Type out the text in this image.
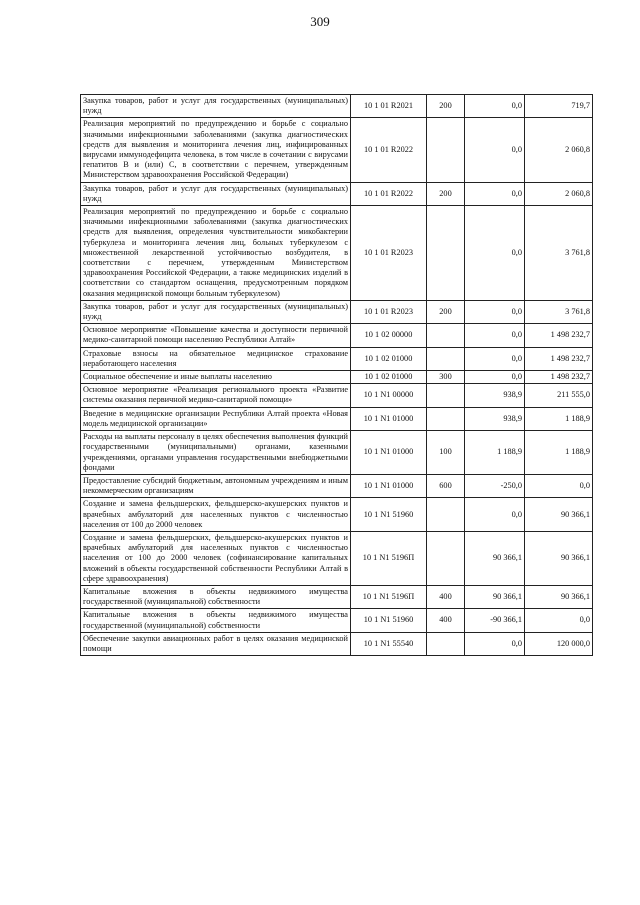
309
Закупка товаров, работ и услуг для государственных (муниципальных) нужд	10 1 01 R2021	200	0,0	719,7
Реализация мероприятий по предупреждению и борьбе с социально значимыми инфекционными заболеваниями (закупка диагностических средств для выявления и мониторинга лечения лиц, инфицированных вирусами иммунодефицита человека, в том числе в сочетании с вирусами гепатитов B и (или) C, в соответствии с перечнем, утвержденным Министерством здравоохранения Российской Федерации)	10 1 01 R2022		0,0	2 060,8
Закупка товаров, работ и услуг для государственных (муниципальных) нужд	10 1 01 R2022	200	0,0	2 060,8
Реализация мероприятий по предупреждению и борьбе с социально значимыми инфекционными заболеваниями (закупка диагностических средств для выявления, определения чувствительности микобактерии туберкулеза и мониторинга лечения лиц, больных туберкулезом с множественной лекарственной устойчивостью возбудителя, в соответствии с перечнем, утвержденным Министерством здравоохранения Российской Федерации, а также медицинских изделий в соответствии со стандартом оснащения, предусмотренным порядком оказания медицинской помощи больным туберкулезом)	10 1 01 R2023		0,0	3 761,8
Закупка товаров, работ и услуг для государственных (муниципальных) нужд	10 1 01 R2023	200	0,0	3 761,8
Основное мероприятие «Повышение качества и доступности первичной медико-санитарной помощи населению Республики Алтай»	10 1 02 00000		0,0	1 498 232,7
Страховые взносы на обязательное медицинское страхование неработающего населения	10 1 02 01000		0,0	1 498 232,7
Социальное обеспечение и иные выплаты населению	10 1 02 01000	300	0,0	1 498 232,7
Основное мероприятие «Реализация регионального проекта «Развитие системы оказания первичной медико-санитарной помощи»	10 1 N1 00000		938,9	211 555,0
Введение в медицинские организации Республики Алтай проекта «Новая модель медицинской организации»	10 1 N1 01000		938,9	1 188,9
Расходы на выплаты персоналу в целях обеспечения выполнения функций государственными (муниципальными) органами, казенными учреждениями, органами управления государственными внебюджетными фондами	10 1 N1 01000	100	1 188,9	1 188,9
Предоставление субсидий бюджетным, автономным учреждениям и иным некоммерческим организациям	10 1 N1 01000	600	-250,0	0,0
Создание и замена фельдшерских, фельдшерско-акушерских пунктов и врачебных амбулаторий для населенных пунктов с численностью населения от 100 до 2000 человек	10 1 N1 51960		0,0	90 366,1
Создание и замена фельдшерских, фельдшерско-акушерских пунктов и врачебных амбулаторий для населенных пунктов с численностью населения от 100 до 2000 человек (софинансирование капитальных вложений в объекты государственной собственности Республики Алтай в сфере здравоохранения)	10 1 N1 5196П		90 366,1	90 366,1
Капитальные вложения в объекты недвижимого имущества государственной (муниципальной) собственности	10 1 N1 5196П	400	90 366,1	90 366,1
Капитальные вложения в объекты недвижимого имущества государственной (муниципальной) собственности	10 1 N1 51960	400	-90 366,1	0,0
Обеспечение закупки авиационных работ в целях оказания медицинской помощи	10 1 N1 55540		0,0	120 000,0
